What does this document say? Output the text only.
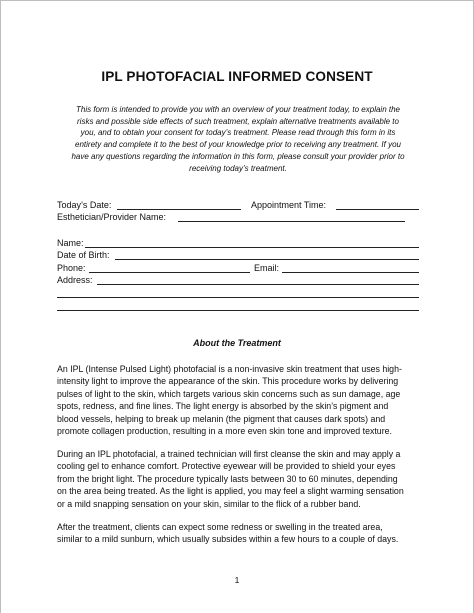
IPL PHOTOFACIAL INFORMED CONSENT
This form is intended to provide you with an overview of your treatment today, to explain the
risks and possible side effects of such treatment, explain alternative treatments available to
you, and to obtain your consent for today’s treatment. Please read through this form in its
entirety and complete it to the best of your knowledge prior to receiving any treatment. If you
have any questions regarding the information in this form, please consult your provider prior to
receiving today’s treatment.
Today’s Date:	Appointment Time:
Esthetician/Provider Name:
Name:
Date of Birth:
Phone:	Email:
Address:
About the Treatment
An IPL (Intense Pulsed Light) photofacial is a non-invasive skin treatment that uses high-
intensity light to improve the appearance of the skin. This procedure works by delivering
pulses of light to the skin, which targets various skin concerns such as sun damage, age
spots, redness, and fine lines. The light energy is absorbed by the skin’s pigment and
blood vessels, helping to break up melanin (the pigment that causes dark spots) and
promote collagen production, resulting in a more even skin tone and improved texture.
During an IPL photofacial, a trained technician will first cleanse the skin and may apply a
cooling gel to enhance comfort. Protective eyewear will be provided to shield your eyes
from the bright light. The procedure typically lasts between 30 to 60 minutes, depending
on the area being treated. As the light is applied, you may feel a slight warming sensation
or a mild snapping sensation on your skin, similar to the flick of a rubber band.
After the treatment, clients can expect some redness or swelling in the treated area,
similar to a mild sunburn, which usually subsides within a few hours to a couple of days.
1
